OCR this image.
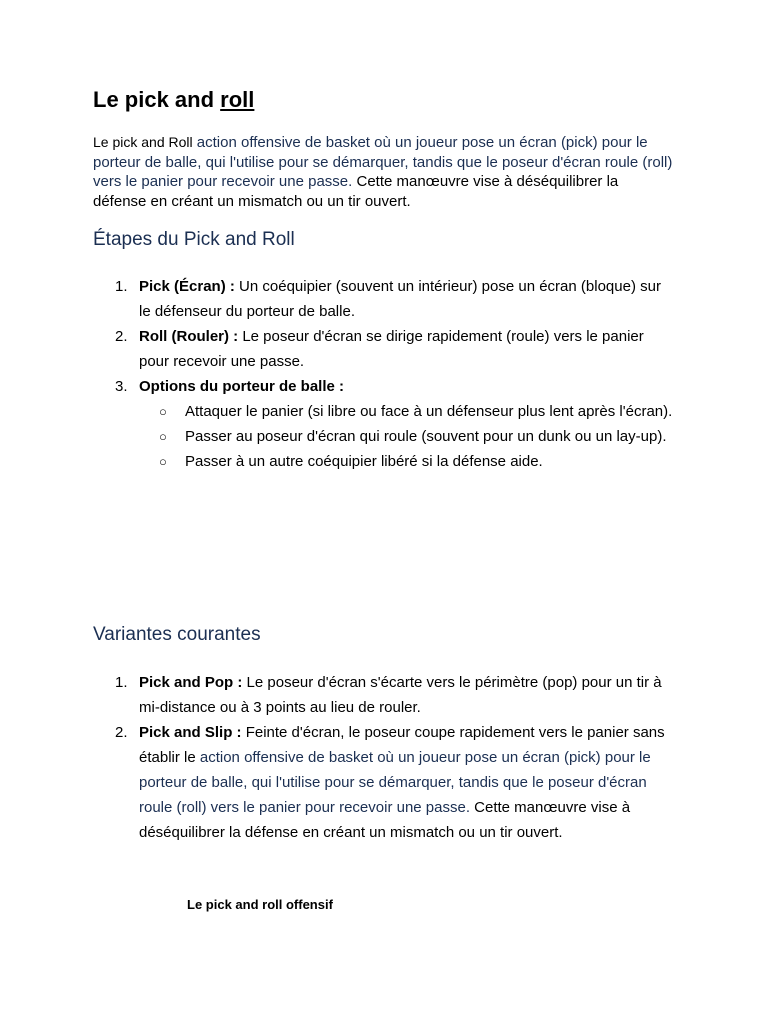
Le pick and roll

Le pick and Roll action offensive de basket où un joueur pose un écran (pick) pour le porteur de balle, qui l'utilise pour se démarquer, tandis que le poseur d'écran roule (roll) vers le panier pour recevoir une passe. Cette manœuvre vise à déséquilibrer la défense en créant un mismatch ou un tir ouvert.

Étapes du Pick and Roll
1. Pick (Écran) : Un coéquipier (souvent un intérieur) pose un écran (bloque) sur le défenseur du porteur de balle.
2. Roll (Rouler) : Le poseur d'écran se dirige rapidement (roule) vers le panier pour recevoir une passe.
3. Options du porteur de balle :
○ Attaquer le panier (si libre ou face à un défenseur plus lent après l'écran).
○ Passer au poseur d'écran qui roule (souvent pour un dunk ou un lay-up).
○ Passer à un autre coéquipier libéré si la défense aide.
Variantes courantes
1. Pick and Pop : Le poseur d'écran s'écarte vers le périmètre (pop) pour un tir à mi-distance ou à 3 points au lieu de rouler.
2. Pick and Slip : Feinte d'écran, le poseur coupe rapidement vers le panier sans établir le action offensive de basket où un joueur pose un écran (pick) pour le porteur de balle, qui l'utilise pour se démarquer, tandis que le poseur d'écran roule (roll) vers le panier pour recevoir une passe. Cette manœuvre vise à déséquilibrer la défense en créant un mismatch ou un tir ouvert.

Le pick and roll offensif
